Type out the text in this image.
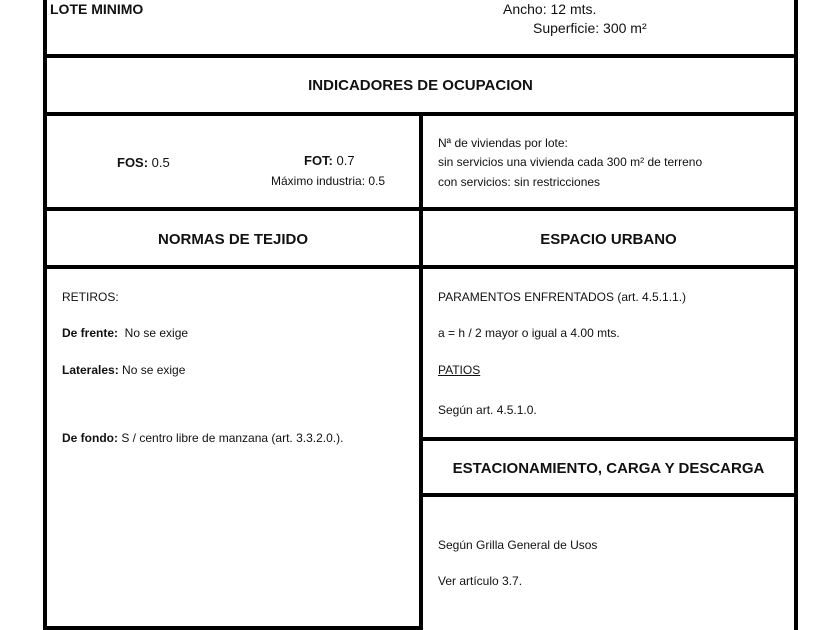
LOTE MINIMO	Ancho: 12 mts.
Superficie: 300 m²
INDICADORES DE OCUPACION
FOS: 0.5	FOT: 0.7
Máximo industria: 0.5
Nª de viviendas por lote:
sin servicios una vivienda cada 300 m² de terreno
con servicios: sin restricciones
NORMAS DE TEJIDO
RETIROS:
De frente:  No se exige
Laterales: No se exige
De fondo: S / centro libre de manzana (art. 3.3.2.0.).
ESPACIO URBANO
PARAMENTOS ENFRENTADOS (art. 4.5.1.1.)
a = h / 2 mayor o igual a 4.00 mts.
PATIOS
Según art. 4.5.1.0.
ESTACIONAMIENTO, CARGA Y DESCARGA
Según Grilla General de Usos
Ver artículo 3.7.
